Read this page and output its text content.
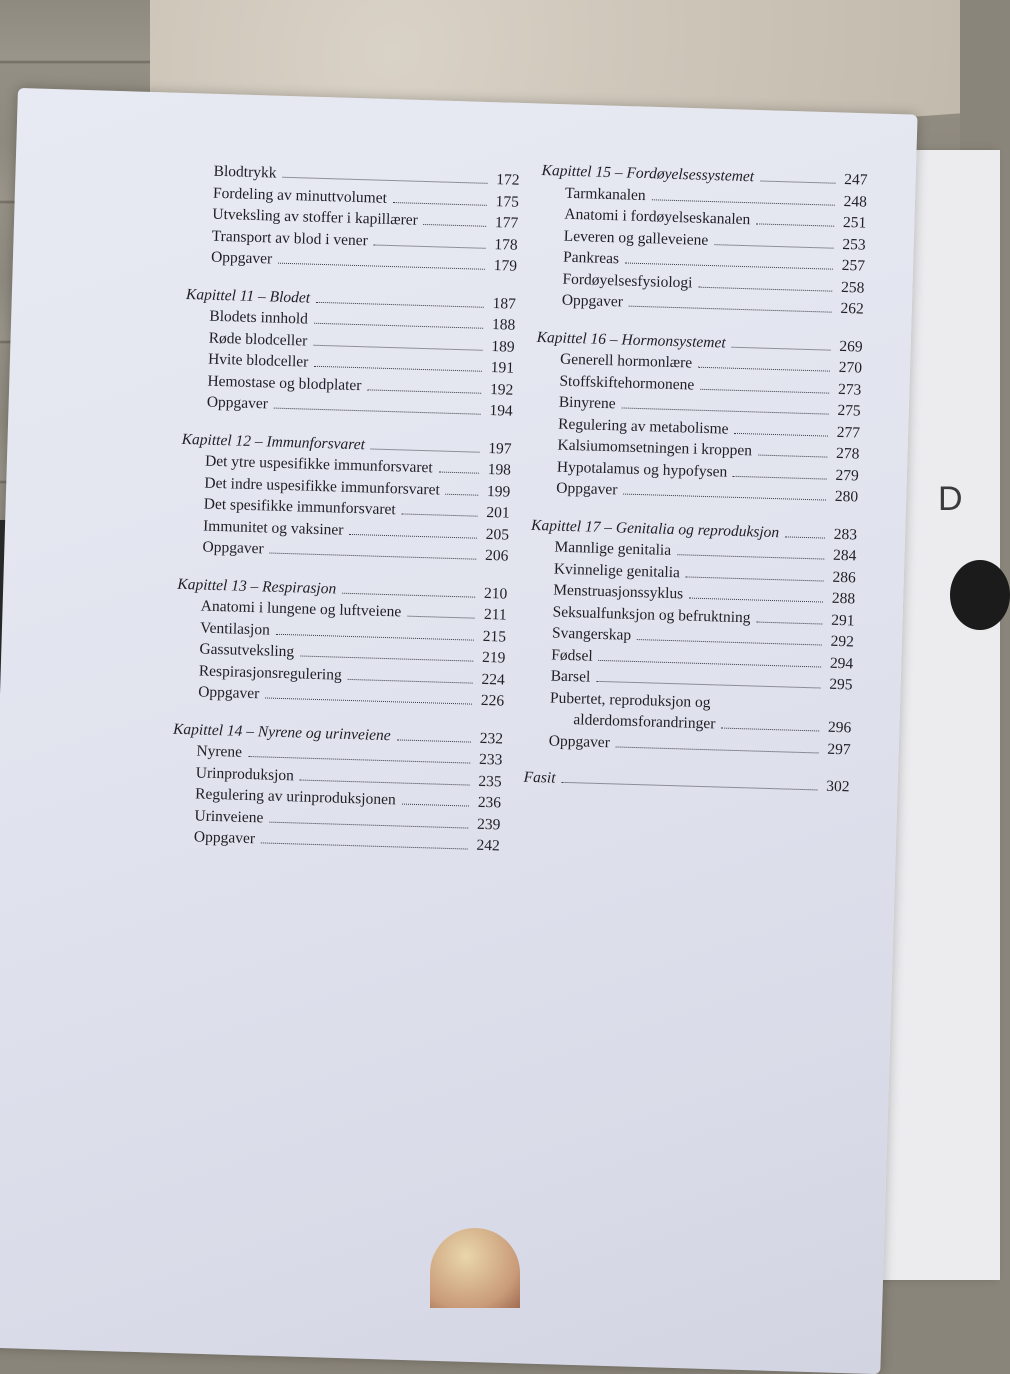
D
Blodtrykk	172
Fordeling av minuttvolumet	175
Utveksling av stoffer i kapillærer	177
Transport av blod i vener	178
Oppgaver	179
Kapittel 11 – Blodet	187
Blodets innhold	188
Røde blodceller	189
Hvite blodceller	191
Hemostase og blodplater	192
Oppgaver	194
Kapittel 12 – Immunforsvaret	197
Det ytre uspesifikke immunforsvaret	198
Det indre uspesifikke immunforsvaret	199
Det spesifikke immunforsvaret	201
Immunitet og vaksiner	205
Oppgaver	206
Kapittel 13 – Respirasjon	210
Anatomi i lungene og luftveiene	211
Ventilasjon	215
Gassutveksling	219
Respirasjonsregulering	224
Oppgaver	226
Kapittel 14 – Nyrene og urinveiene	232
Nyrene	233
Urinproduksjon	235
Regulering av urinproduksjonen	236
Urinveiene	239
Oppgaver	242
Kapittel 15 – Fordøyelsessystemet	247
Tarmkanalen	248
Anatomi i fordøyelseskanalen	251
Leveren og galleveiene	253
Pankreas	257
Fordøyelsesfysiologi	258
Oppgaver	262
Kapittel 16 – Hormonsystemet	269
Generell hormonlære	270
Stoffskiftehormonene	273
Binyrene	275
Regulering av metabolisme	277
Kalsiumomsetningen i kroppen	278
Hypotalamus og hypofysen	279
Oppgaver	280
Kapittel 17 – Genitalia og reproduksjon	283
Mannlige genitalia	284
Kvinnelige genitalia	286
Menstruasjonssyklus	288
Seksualfunksjon og befruktning	291
Svangerskap	292
Fødsel	294
Barsel	295
Pubertet, reproduksjon og
alderdomsforandringer	296
Oppgaver	297
Fasit	302
